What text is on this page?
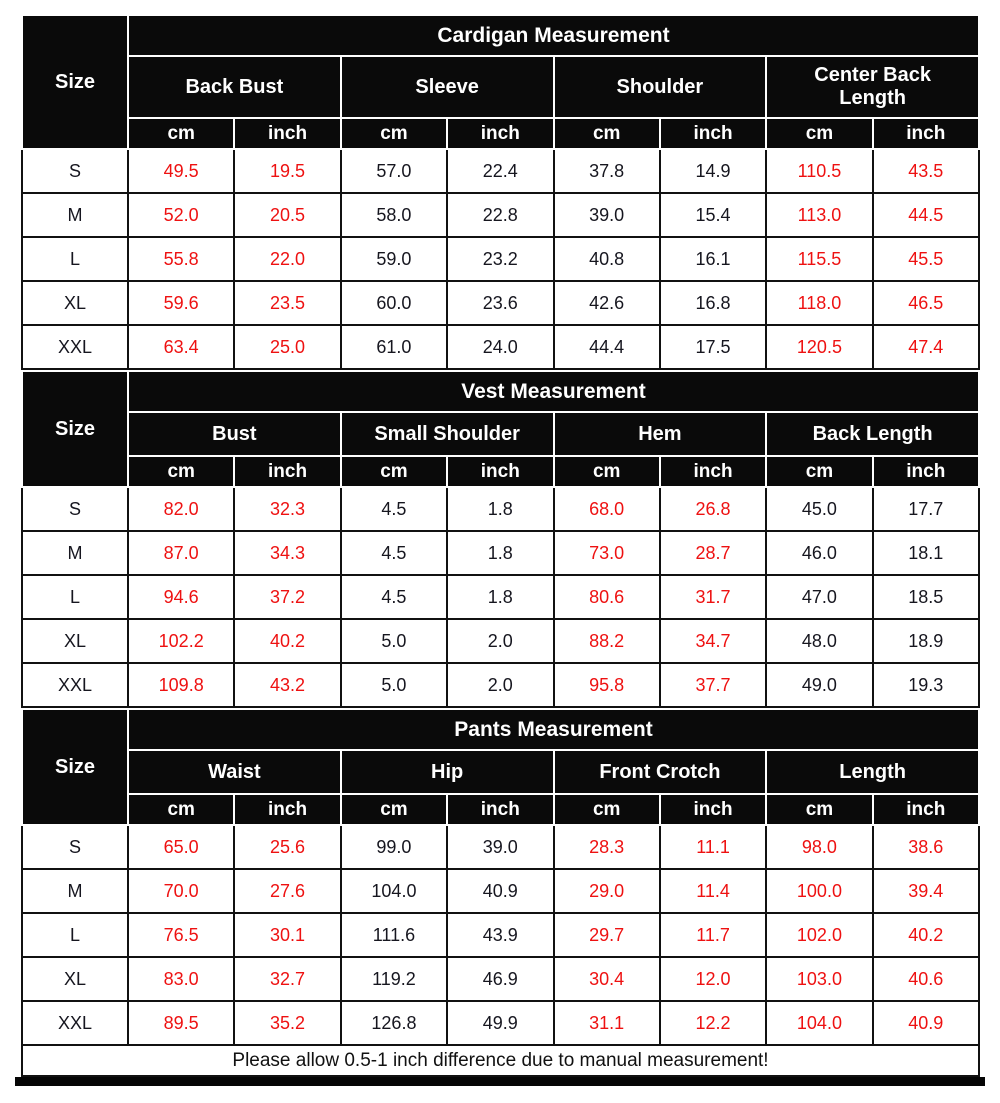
Size	Cardigan Measurement							
	Back Bust		Sleeve		Shoulder		Center Back Length	
	cm	inch	cm	inch	cm	inch	cm	inch
S	49.5	19.5	57.0	22.4	37.8	14.9	110.5	43.5
M	52.0	20.5	58.0	22.8	39.0	15.4	113.0	44.5
L	55.8	22.0	59.0	23.2	40.8	16.1	115.5	45.5
XL	59.6	23.5	60.0	23.6	42.6	16.8	118.0	46.5
XXL	63.4	25.0	61.0	24.0	44.4	17.5	120.5	47.4
Size	Vest Measurement							
	Bust		Small Shoulder		Hem		Back Length	
	cm	inch	cm	inch	cm	inch	cm	inch
S	82.0	32.3	4.5	1.8	68.0	26.8	45.0	17.7
M	87.0	34.3	4.5	1.8	73.0	28.7	46.0	18.1
L	94.6	37.2	4.5	1.8	80.6	31.7	47.0	18.5
XL	102.2	40.2	5.0	2.0	88.2	34.7	48.0	18.9
XXL	109.8	43.2	5.0	2.0	95.8	37.7	49.0	19.3
Size	Pants Measurement							
	Waist		Hip		Front Crotch		Length	
	cm	inch	cm	inch	cm	inch	cm	inch
S	65.0	25.6	99.0	39.0	28.3	11.1	98.0	38.6
M	70.0	27.6	104.0	40.9	29.0	11.4	100.0	39.4
L	76.5	30.1	111.6	43.9	29.7	11.7	102.0	40.2
XL	83.0	32.7	119.2	46.9	30.4	12.0	103.0	40.6
XXL	89.5	35.2	126.8	49.9	31.1	12.2	104.0	40.9
Please allow 0.5-1 inch difference due to manual measurement!
